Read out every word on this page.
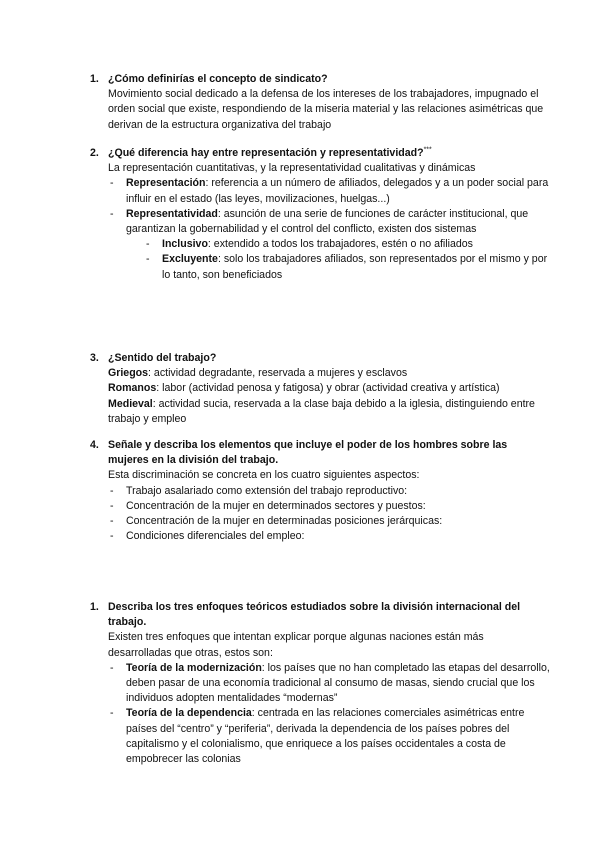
1. ¿Cómo definirías el concepto de sindicato?
Movimiento social dedicado a la defensa de los intereses de los trabajadores, impugnado el orden social que existe, respondiendo de la miseria material y las relaciones asimétricas que derivan de la estructura organizativa del trabajo
2. ¿Qué diferencia hay entre representación y representatividad?***
La representación cuantitativas, y la representatividad cualitativas y dinámicas
- Representación: referencia a un número de afiliados, delegados y a un poder social para influir en el estado (las leyes, movilizaciones, huelgas...)
- Representatividad: asunción de una serie de funciones de carácter institucional, que garantizan la gobernabilidad y el control del conflicto, existen dos sistemas
- Inclusivo: extendido a todos los trabajadores, estén o no afiliados
- Excluyente: solo los trabajadores afiliados, son representados por el mismo y por lo tanto, son beneficiados
3. ¿Sentido del trabajo?
Griegos: actividad degradante, reservada a mujeres y esclavos
Romanos: labor (actividad penosa y fatigosa) y obrar (actividad creativa y artística)
Medieval: actividad sucia, reservada a la clase baja debido a la iglesia, distinguiendo entre trabajo y empleo
4. Señale y describa los elementos que incluye el poder de los hombres sobre las mujeres en la división del trabajo.
Esta discriminación se concreta en los cuatro siguientes aspectos:
- Trabajo asalariado como extensión del trabajo reproductivo:
- Concentración de la mujer en determinados sectores y puestos:
- Concentración de la mujer en determinadas posiciones jerárquicas:
- Condiciones diferenciales del empleo:
1. Describa los tres enfoques teóricos estudiados sobre la división internacional del trabajo.
Existen tres enfoques que intentan explicar porque algunas naciones están más desarrolladas que otras, estos son:
- Teoría de la modernización: los países que no han completado las etapas del desarrollo, deben pasar de una economía tradicional al consumo de masas, siendo crucial que los individuos adopten mentalidades “modernas”
- Teoría de la dependencia: centrada en las relaciones comerciales asimétricas entre países del “centro” y “periferia”, derivada la dependencia de los países pobres del capitalismo y el colonialismo, que enriquece a los países occidentales a costa de empobrecer las colonias
